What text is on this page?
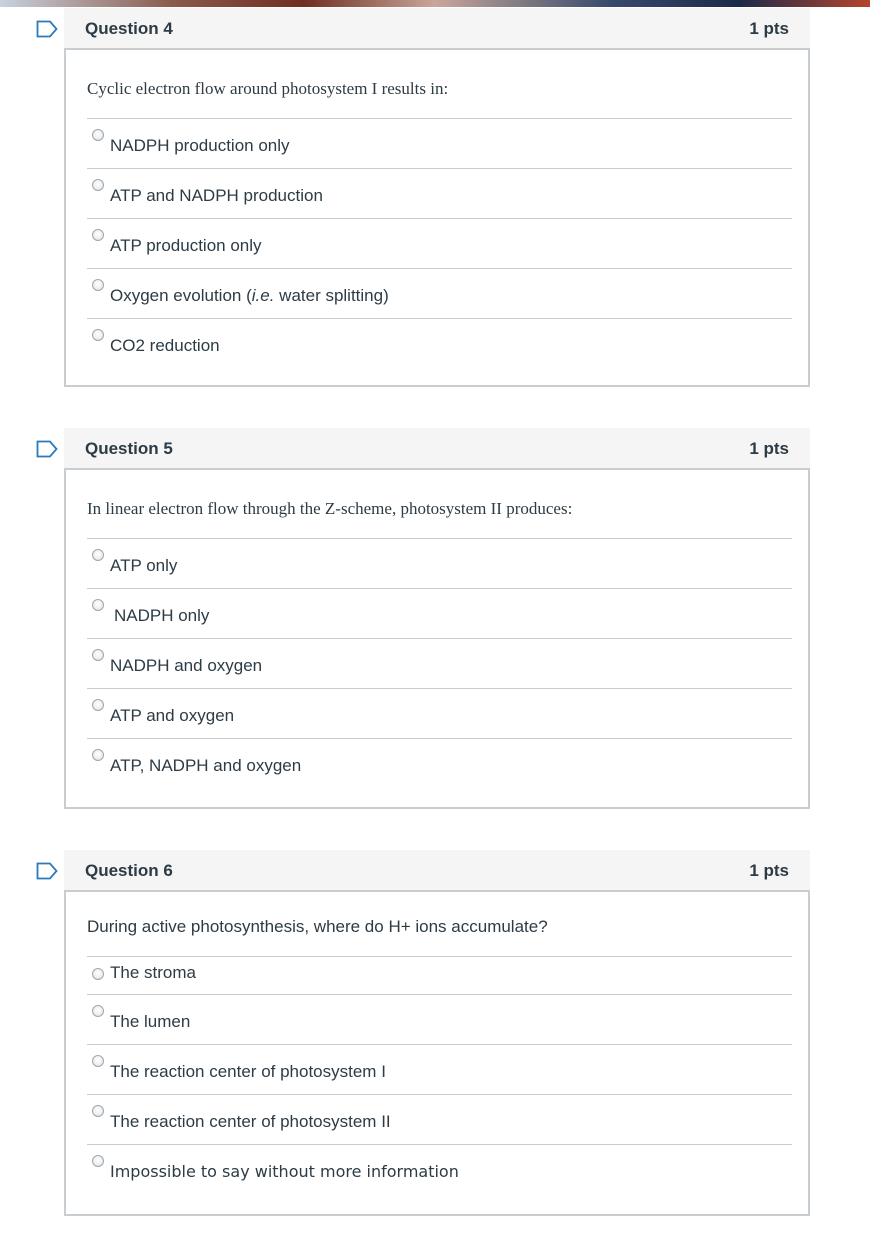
Question 4	1 pts
Cyclic electron flow around photosystem I results in:
NADPH production only
ATP and NADPH production
ATP production only
Oxygen evolution (i.e. water splitting)
CO2 reduction
Question 5	1 pts
In linear electron flow through the Z-scheme, photosystem II produces:
ATP only
NADPH only
NADPH and oxygen
ATP and oxygen
ATP, NADPH and oxygen
Question 6	1 pts
During active photosynthesis, where do H+ ions accumulate?
The stroma
The lumen
The reaction center of photosystem I
The reaction center of photosystem II
Impossible to say without more information
